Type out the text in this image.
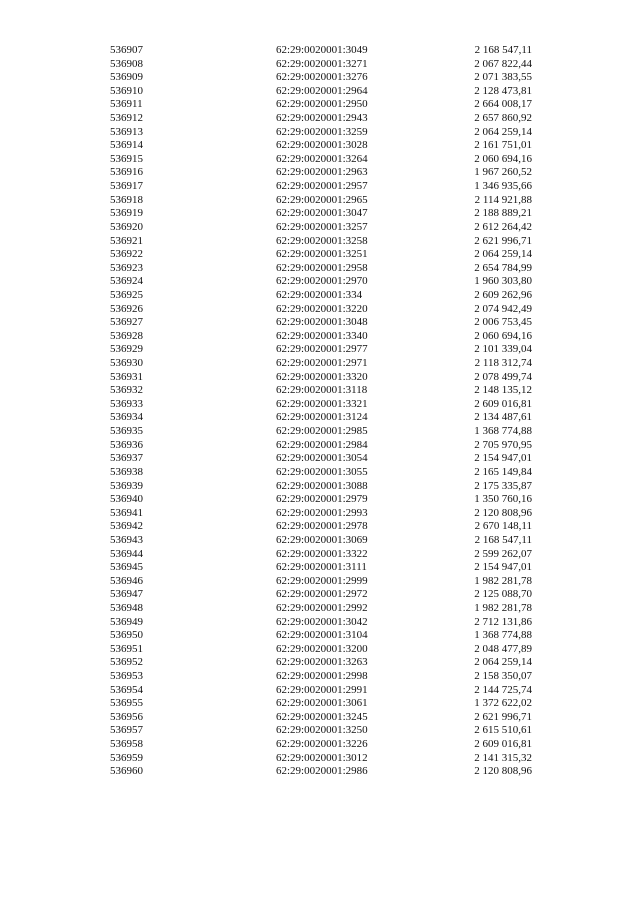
536907	62:29:0020001:3049	2 168 547,11
536908	62:29:0020001:3271	2 067 822,44
536909	62:29:0020001:3276	2 071 383,55
536910	62:29:0020001:2964	2 128 473,81
536911	62:29:0020001:2950	2 664 008,17
536912	62:29:0020001:2943	2 657 860,92
536913	62:29:0020001:3259	2 064 259,14
536914	62:29:0020001:3028	2 161 751,01
536915	62:29:0020001:3264	2 060 694,16
536916	62:29:0020001:2963	1 967 260,52
536917	62:29:0020001:2957	1 346 935,66
536918	62:29:0020001:2965	2 114 921,88
536919	62:29:0020001:3047	2 188 889,21
536920	62:29:0020001:3257	2 612 264,42
536921	62:29:0020001:3258	2 621 996,71
536922	62:29:0020001:3251	2 064 259,14
536923	62:29:0020001:2958	2 654 784,99
536924	62:29:0020001:2970	1 960 303,80
536925	62:29:0020001:334	2 609 262,96
536926	62:29:0020001:3220	2 074 942,49
536927	62:29:0020001:3048	2 006 753,45
536928	62:29:0020001:3340	2 060 694,16
536929	62:29:0020001:2977	2 101 339,04
536930	62:29:0020001:2971	2 118 312,74
536931	62:29:0020001:3320	2 078 499,74
536932	62:29:0020001:3118	2 148 135,12
536933	62:29:0020001:3321	2 609 016,81
536934	62:29:0020001:3124	2 134 487,61
536935	62:29:0020001:2985	1 368 774,88
536936	62:29:0020001:2984	2 705 970,95
536937	62:29:0020001:3054	2 154 947,01
536938	62:29:0020001:3055	2 165 149,84
536939	62:29:0020001:3088	2 175 335,87
536940	62:29:0020001:2979	1 350 760,16
536941	62:29:0020001:2993	2 120 808,96
536942	62:29:0020001:2978	2 670 148,11
536943	62:29:0020001:3069	2 168 547,11
536944	62:29:0020001:3322	2 599 262,07
536945	62:29:0020001:3111	2 154 947,01
536946	62:29:0020001:2999	1 982 281,78
536947	62:29:0020001:2972	2 125 088,70
536948	62:29:0020001:2992	1 982 281,78
536949	62:29:0020001:3042	2 712 131,86
536950	62:29:0020001:3104	1 368 774,88
536951	62:29:0020001:3200	2 048 477,89
536952	62:29:0020001:3263	2 064 259,14
536953	62:29:0020001:2998	2 158 350,07
536954	62:29:0020001:2991	2 144 725,74
536955	62:29:0020001:3061	1 372 622,02
536956	62:29:0020001:3245	2 621 996,71
536957	62:29:0020001:3250	2 615 510,61
536958	62:29:0020001:3226	2 609 016,81
536959	62:29:0020001:3012	2 141 315,32
536960	62:29:0020001:2986	2 120 808,96
